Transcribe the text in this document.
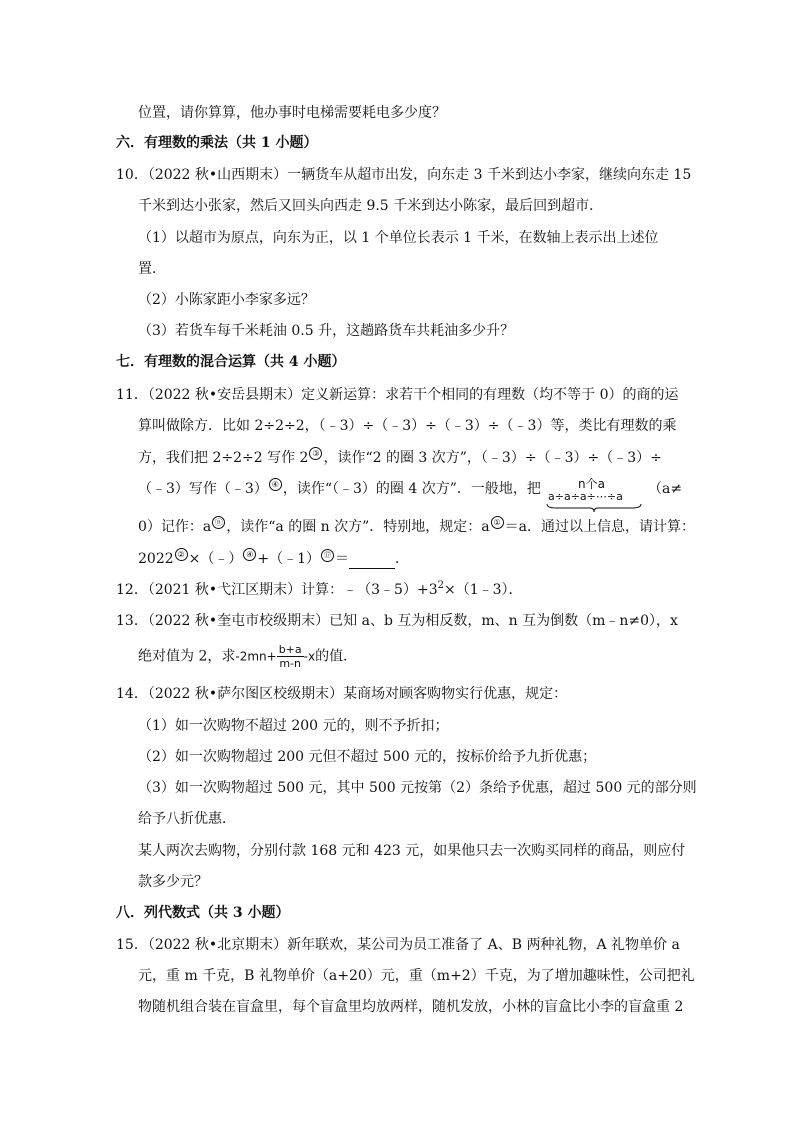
位置，请你算算，他办事时电梯需要耗电多少度？
六．有理数的乘法（共 1 小题）
10．（2022 秋•山西期末）一辆货车从超市出发，向东走 3 千米到达小李家，继续向东走 15
千米到达小张家，然后又回头向西走 9.5 千米到达小陈家，最后回到超市．
（1）以超市为原点，向东为正，以 1 个单位长表示 1 千米，在数轴上表示出上述位
置．
（2）小陈家距小李家多远？
（3）若货车每千米耗油 0.5 升，这趟路货车共耗油多少升？
七．有理数的混合运算（共 4 小题）
11．（2022 秋•安岳县期末）定义新运算：求若干个相同的有理数（均不等于 0）的商的运
算叫做除方．比如 2÷2÷2，（﹣3）÷（﹣3）÷（﹣3）÷（﹣3）等，类比有理数的乘
方，我们把 2÷2÷2 写作 2 ③ ，读作“2 的圈 3 次方”，（﹣3）÷（﹣3）÷（﹣3）÷
（﹣3）写作（﹣3） ④ ，读作“（﹣3）的圈 4 次方”．一般地，把	n个a
a÷a÷a÷⋯÷a （a≠
0）记作：a ⓝ ，读作“a 的圈 n 次方”．特别地，规定：a ① ＝a．通过以上信息，请计算：
2022 ② ×（﹣） ④ +（﹣1） ⑰ ＝	．
12．（2021 秋•弋江区期末）计算：$﹣(3﹣5)+3^2\times(1﹣3)$．
13．（2022 秋•奎屯市校级期末）已知 a、b 互为相反数，m、n 互为倒数（m﹣n≠0），x
绝对值为 2，求$-2mn+ \frac{b+a}{m-n} -x$的值．
14．（2022 秋•萨尔图区校级期末）某商场对顾客购物实行优惠，规定：
（1）如一次购物不超过 200 元的，则不予折扣；
（2）如一次购物超过 200 元但不超过 500 元的，按标价给予九折优惠；
（3）如一次购物超过 500 元，其中 500 元按第（2）条给予优惠，超过 500 元的部分则
给予八折优惠．
某人两次去购物，分别付款 168 元和 423 元，如果他只去一次购买同样的商品，则应付
款多少元？
八．列代数式（共 3 小题）
15．（2022 秋•北京期末）新年联欢，某公司为员工准备了 A、B 两种礼物，A 礼物单价 a
元，重 m 千克，B 礼物单价（a+20）元，重（m+2）千克，为了增加趣味性，公司把礼
物随机组合装在盲盒里，每个盲盒里均放两样，随机发放，小林的盲盒比小李的盲盒重 2
